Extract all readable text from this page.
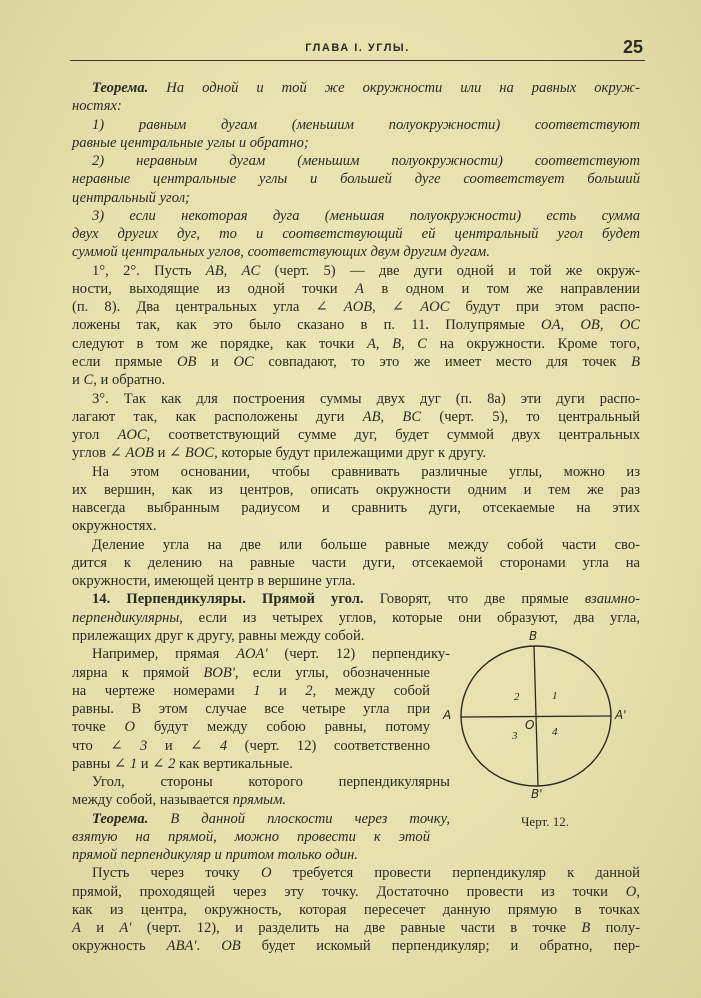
ГЛАВА I. УГЛЫ.	25
Теорема. На одной и той же окружности или на равных окруж-
ностях:
1) равным дугам (меньшим полуокружности) соответствуют
равные центральные углы и обратно;
2) неравным дугам (меньшим полуокружности) соответствуют
неравные центральные углы и большей дуге соответствует больший
центральный угол;
3) если некоторая дуга (меньшая полуокружности) есть сумма
двух других дуг, то и соответствующий ей центральный угол будет
суммой центральных углов, соответствующих двум другим дугам.
1°, 2°. Пусть AB, AC (черт. 5) — две дуги одной и той же окруж-
ности, выходящие из одной точки A в одном и том же направлении
(п. 8). Два центральных угла ∠ AOB, ∠ AOC будут при этом распо-
ложены так, как это было сказано в п. 11. Полупрямые OA, OB, OC
следуют в том же порядке, как точки A, B, C на окружности. Кроме того,
если прямые OB и OC совпадают, то это же имеет место для точек B
и C, и обратно.
3°. Так как для построения суммы двух дуг (п. 8a) эти дуги распо-
лагают так, как расположены дуги AB, BC (черт. 5), то центральный
угол AOC, соответствующий сумме дуг, будет суммой двух центральных
углов ∠ AOB и ∠ BOC, которые будут прилежащими друг к другу.
На этом основании, чтобы сравнивать различные углы, можно из
их вершин, как из центров, описать окружности одним и тем же раз
навсегда выбранным радиусом и сравнить дуги, отсекаемые на этих
окружностях.
Деление угла на две или больше равные между собой части сво-
дится к делению на равные части дуги, отсекаемой сторонами угла на
окружности, имеющей центр в вершине угла.
14. Перпендикуляры. Прямой угол. Говорят, что две прямые взаимно-
перпендикулярны, если из четырех углов, которые они образуют, два угла,
прилежащих друг к другу, равны между собой.
Например, прямая AOA' (черт. 12) перпендику-
лярна к прямой BOB', если углы, обозначенные
на чертеже номерами 1 и 2, между собой
равны. В этом случае все четыре угла при
точке O будут между собою равны, потому
что ∠ 3 и ∠ 4 (черт. 12) соответственно
равны ∠ 1 и ∠ 2 как вертикальные.
Угол, стороны которого перпендикулярны
между собой, называется прямым.
Теорема. В данной плоскости через точку,
взятую на прямой, можно провести к этой
прямой перпендикуляр и притом только один.
Пусть через точку O требуется провести перпендикуляр к данной
прямой, проходящей через эту точку. Достаточно провести из точки O,
как из центра, окружность, которая пересечет данную прямую в точках
A и A' (черт. 12), и разделить на две равные части в точке B полу-
окружность ABA'. OB будет искомый перпендикуляр; и обратно, пер-
B
B'
A	A'
O
1
2
3	4
Черт. 12.
